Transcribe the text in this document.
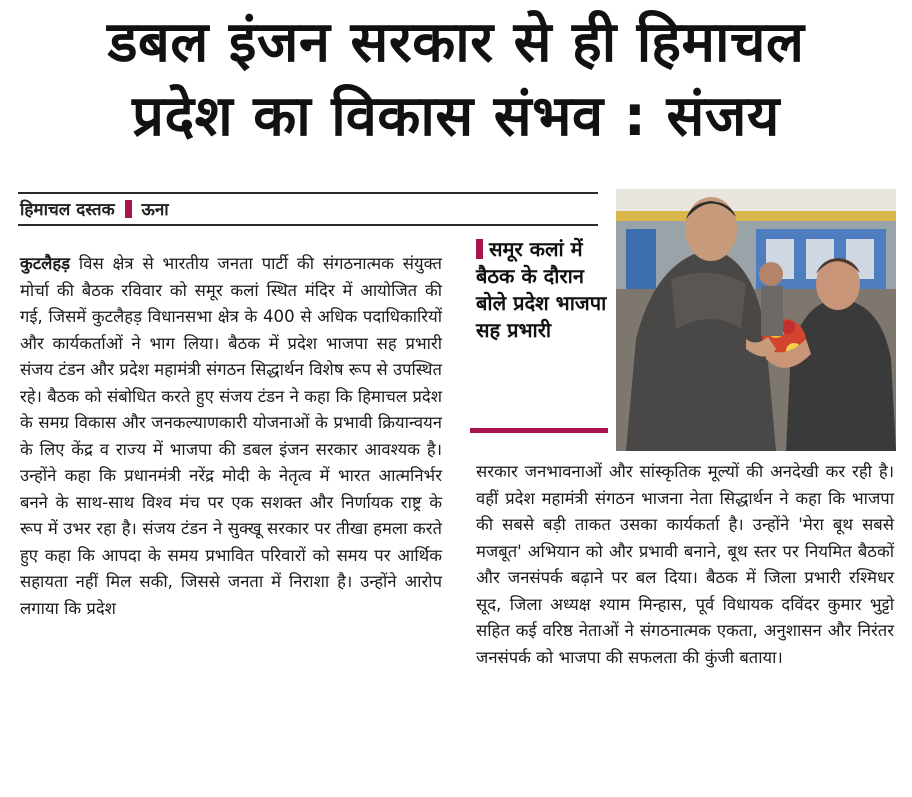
डबल इंजन सरकार से ही हिमाचल
प्रदेश का विकास संभव : संजय
हिमाचल दस्तक ऊना
कुटलैहड़ विस क्षेत्र से भारतीय जनता पार्टी की संगठनात्मक संयुक्त मोर्चा की बैठक रविवार को समूर कलां स्थित मंदिर में आयोजित की गई, जिसमें कुटलैहड़ विधानसभा क्षेत्र के 400 से अधिक पदाधिकारियों और कार्यकर्ताओं ने भाग लिया। बैठक में प्रदेश भाजपा सह प्रभारी संजय टंडन और प्रदेश महामंत्री संगठन सिद्धार्थन विशेष रूप से उपस्थित रहे। बैठक को संबोधित करते हुए संजय टंडन ने कहा कि हिमाचल प्रदेश के समग्र विकास और जनकल्याणकारी योजनाओं के प्रभावी क्रियान्वयन के लिए केंद्र व राज्य में भाजपा की डबल इंजन सरकार आवश्यक है। उन्होंने कहा कि प्रधानमंत्री नरेंद्र मोदी के नेतृत्व में भारत आत्मनिर्भर बनने के साथ-साथ विश्व मंच पर एक सशक्त और निर्णायक राष्ट्र के रूप में उभर रहा है। संजय टंडन ने सुक्खू सरकार पर तीखा हमला करते हुए कहा कि आपदा के समय प्रभावित परिवारों को समय पर आर्थिक सहायता नहीं मिल सकी, जिससे जनता में निराशा है। उन्होंने आरोप लगाया कि प्रदेश
समूर कलां में बैठक के दौरान बोले प्रदेश भाजपा सह प्रभारी
सरकार जनभावनाओं और सांस्कृतिक मूल्यों की अनदेखी कर रही है। वहीं प्रदेश महामंत्री संगठन भाजना नेता सिद्धार्थन ने कहा कि भाजपा की सबसे बड़ी ताकत उसका कार्यकर्ता है। उन्होंने 'मेरा बूथ सबसे मजबूत' अभियान को और प्रभावी बनाने, बूथ स्तर पर नियमित बैठकों और जनसंपर्क बढ़ाने पर बल दिया। बैठक में जिला प्रभारी रश्मिधर सूद, जिला अध्यक्ष श्याम मिन्हास, पूर्व विधायक दविंदर कुमार भुट्टो सहित कई वरिष्ठ नेताओं ने संगठनात्मक एकता, अनुशासन और निरंतर जनसंपर्क को भाजपा की सफलता की कुंजी बताया।
